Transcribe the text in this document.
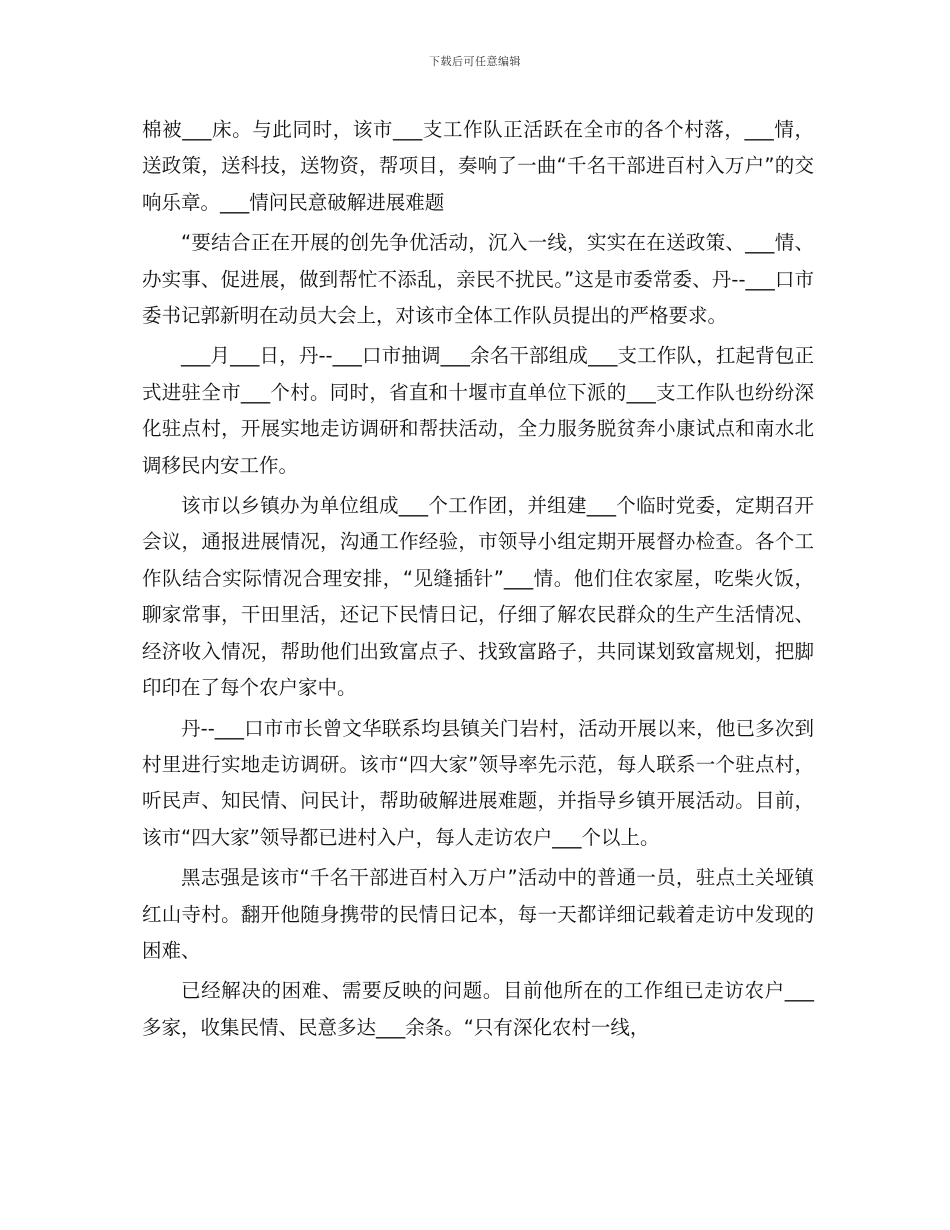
下载后可任意编辑

棉被___床。与此同时，该市___支工作队正活跃在全市的各个村落，___情，送政策，送科技，送物资，帮项目，奏响了一曲“千名干部进百村入万户”的交响乐章。___情问民意破解进展难题

“要结合正在开展的创先争优活动，沉入一线，实实在在送政策、___情、办实事、促进展，做到帮忙不添乱，亲民不扰民。”这是市委常委、丹--___口市委书记郭新明在动员大会上，对该市全体工作队员提出的严格要求。

___月___日，丹--___口市抽调___余名干部组成___支工作队，扛起背包正式进驻全市___个村。同时，省直和十堰市直单位下派的___支工作队也纷纷深化驻点村，开展实地走访调研和帮扶活动，全力服务脱贫奔小康试点和南水北调移民内安工作。

该市以乡镇办为单位组成___个工作团，并组建___个临时党委，定期召开会议，通报进展情况，沟通工作经验，市领导小组定期开展督办检查。各个工作队结合实际情况合理安排，“见缝插针”___情。他们住农家屋，吃柴火饭，聊家常事，干田里活，还记下民情日记，仔细了解农民群众的生产生活情况、经济收入情况，帮助他们出致富点子、找致富路子，共同谋划致富规划，把脚印印在了每个农户家中。

丹--___口市市长曾文华联系均县镇关门岩村，活动开展以来，他已多次到村里进行实地走访调研。该市“四大家”领导率先示范，每人联系一个驻点村，听民声、知民情、问民计，帮助破解进展难题，并指导乡镇开展活动。目前，该市“四大家”领导都已进村入户，每人走访农户___个以上。

黑志强是该市“千名干部进百村入万户”活动中的普通一员，驻点土关垭镇红山寺村。翻开他随身携带的民情日记本，每一天都详细记载着走访中发现的困难、

已经解决的困难、需要反映的问题。目前他所在的工作组已走访农户___多家，收集民情、民意多达___余条。“只有深化农村一线，
